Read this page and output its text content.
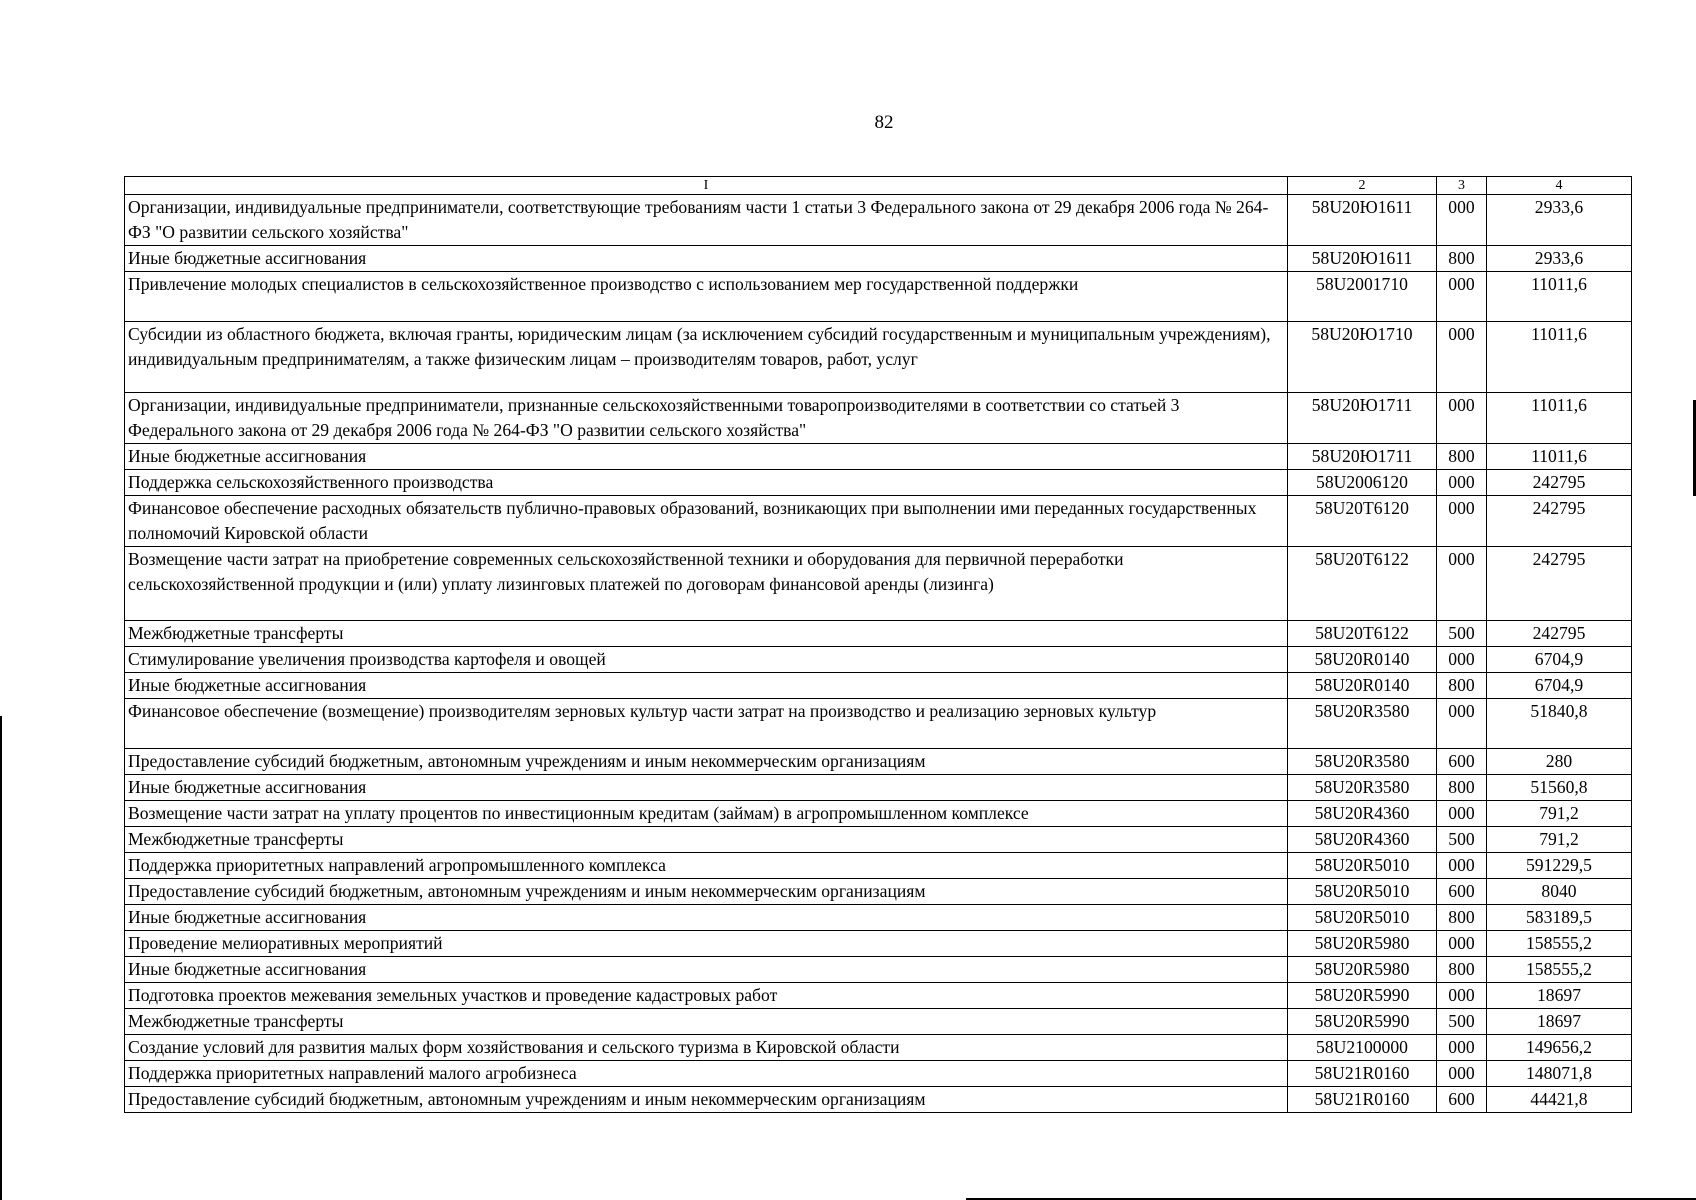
82
I	2	3	4
Организации, индивидуальные предприниматели, соответствующие требованиям части 1 статьи 3 Федерального закона от 29 декабря 2006 года № 264-ФЗ "О развитии сельского хозяйства"	58U20Ю1611	000	2933,6
Иные бюджетные ассигнования	58U20Ю1611	800	2933,6
Привлечение молодых специалистов в сельскохозяйственное производство с использованием мер государственной поддержки	58U2001710	000	11011,6
Субсидии из областного бюджета, включая гранты, юридическим лицам (за исключением субсидий государственным и муниципальным учреждениям), индивидуальным предпринимателям, а также физическим лицам – производителям товаров, работ, услуг	58U20Ю1710	000	11011,6
Организации, индивидуальные предприниматели, признанные сельскохозяйственными товаропроизводителями в соответствии со статьей 3 Федерального закона от 29 декабря 2006 года № 264-ФЗ "О развитии сельского хозяйства"	58U20Ю1711	000	11011,6
Иные бюджетные ассигнования	58U20Ю1711	800	11011,6
Поддержка сельскохозяйственного производства	58U2006120	000	242795
Финансовое обеспечение расходных обязательств публично-правовых образований, возникающих при выполнении ими переданных государственных полномочий Кировской области	58U20Т6120	000	242795
Возмещение части затрат на приобретение современных сельскохозяйственной техники и оборудования для первичной переработки сельскохозяйственной продукции и (или) уплату лизинговых платежей по договорам финансовой аренды (лизинга)	58U20Т6122	000	242795
Межбюджетные трансферты	58U20Т6122	500	242795
Стимулирование увеличения производства картофеля и овощей	58U20R0140	000	6704,9
Иные бюджетные ассигнования	58U20R0140	800	6704,9
Финансовое обеспечение (возмещение) производителям зерновых культур части затрат на производство и реализацию зерновых культур	58U20R3580	000	51840,8
Предоставление субсидий бюджетным, автономным учреждениям и иным некоммерческим организациям	58U20R3580	600	280
Иные бюджетные ассигнования	58U20R3580	800	51560,8
Возмещение части затрат на уплату процентов по инвестиционным кредитам (займам) в агропромышленном комплексе	58U20R4360	000	791,2
Межбюджетные трансферты	58U20R4360	500	791,2
Поддержка приоритетных направлений агропромышленного комплекса	58U20R5010	000	591229,5
Предоставление субсидий бюджетным, автономным учреждениям и иным некоммерческим организациям	58U20R5010	600	8040
Иные бюджетные ассигнования	58U20R5010	800	583189,5
Проведение мелиоративных мероприятий	58U20R5980	000	158555,2
Иные бюджетные ассигнования	58U20R5980	800	158555,2
Подготовка проектов межевания земельных участков и проведение кадастровых работ	58U20R5990	000	18697
Межбюджетные трансферты	58U20R5990	500	18697
Создание условий для развития малых форм хозяйствования и сельского туризма в Кировской области	58U2100000	000	149656,2
Поддержка приоритетных направлений малого агробизнеса	58U21R0160	000	148071,8
Предоставление субсидий бюджетным, автономным учреждениям и иным некоммерческим организациям	58U21R0160	600	44421,8
